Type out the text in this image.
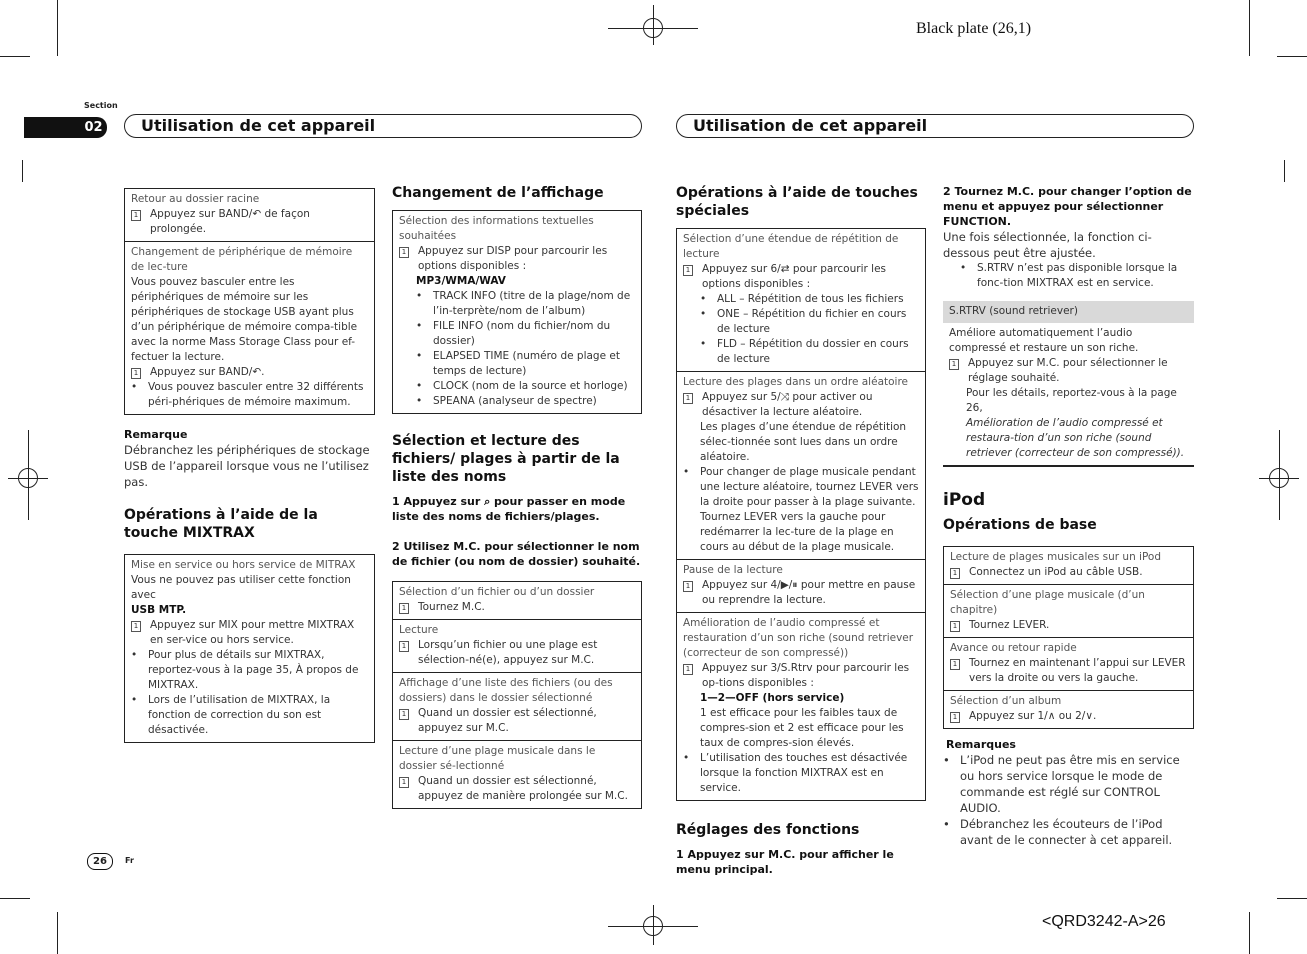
Black plate (26,1)
<QRD3242-A>26
Section
02	Utilisation de cet appareil	Utilisation de cet appareil
Retour au dossier racine
1 Appuyez sur BAND/↶ de façon prolongée.
Changement de périphérique de mémoire de lec-ture
Vous pouvez basculer entre les périphériques de mémoire sur les périphériques de stockage USB ayant plus d’un périphérique de mémoire compa-tible avec la norme Mass Storage Class pour ef-fectuer la lecture.
1 Appuyez sur BAND/↶.
•	Vous pouvez basculer entre 32 différents péri-phériques de mémoire maximum.
Remarque
Débranchez les périphériques de stockage USB de l’appareil lorsque vous ne l’utilisez pas.
Opérations à l’aide de la touche MIXTRAX
Mise en service ou hors service de MITRAX
Vous ne pouvez pas utiliser cette fonction avec
USB MTP.
1 Appuyez sur MIX pour mettre MIXTRAX en ser-vice ou hors service.
•	Pour plus de détails sur MIXTRAX, reportez-vous à la page 35, À propos de MIXTRAX.
•	Lors de l’utilisation de MIXTRAX, la fonction de correction du son est désactivée.
Changement de l’affichage
Sélection des informations textuelles souhaitées
1 Appuyez sur DISP pour parcourir les options disponibles :
MP3/WMA/WAV
•	TRACK INFO (titre de la plage/nom de l’in-terprète/nom de l’album)
•	FILE INFO (nom du fichier/nom du dossier)
•	ELAPSED TIME (numéro de plage et temps de lecture)
•	CLOCK (nom de la source et horloge)
•	SPEANA (analyseur de spectre)
Sélection et lecture des fichiers/ plages à partir de la liste des noms
1 Appuyez sur ⌕ pour passer en mode liste des noms de fichiers/plages.
2 Utilisez M.C. pour sélectionner le nom de fichier (ou nom de dossier) souhaité.
Sélection d’un fichier ou d’un dossier
1 Tournez M.C.
Lecture
1 Lorsqu’un fichier ou une plage est sélection-né(e), appuyez sur M.C.
Affichage d’une liste des fichiers (ou des dossiers) dans le dossier sélectionné
1 Quand un dossier est sélectionné, appuyez sur M.C.
Lecture d’une plage musicale dans le dossier sé-lectionné
1 Quand un dossier est sélectionné, appuyez de manière prolongée sur M.C.
Opérations à l’aide de touches spéciales
Sélection d’une étendue de répétition de lecture
1 Appuyez sur 6/⇄ pour parcourir les options disponibles :
•	ALL – Répétition de tous les fichiers
•	ONE – Répétition du fichier en cours de lecture
•	FLD – Répétition du dossier en cours de lecture
Lecture des plages dans un ordre aléatoire
1 Appuyez sur 5/⤨ pour activer ou désactiver la lecture aléatoire.
Les plages d’une étendue de répétition sélec-tionnée sont lues dans un ordre aléatoire.
•	Pour changer de plage musicale pendant une lecture aléatoire, tournez LEVER vers la droite pour passer à la plage suivante. Tournez LEVER vers la gauche pour redémarrer la lec-ture de la plage en cours au début de la plage musicale.
Pause de la lecture
1 Appuyez sur 4/▶/⏸ pour mettre en pause ou reprendre la lecture.
Amélioration de l’audio compressé et restauration d’un son riche (sound retriever (correcteur de son compressé))
1 Appuyez sur 3/S.Rtrv pour parcourir les op-tions disponibles :
1—2—OFF (hors service)
1 est efficace pour les faibles taux de compres-sion et 2 est efficace pour les taux de compres-sion élevés.
•	L’utilisation des touches est désactivée lorsque la fonction MIXTRAX est en service.
Réglages des fonctions
1 Appuyez sur M.C. pour afficher le menu principal.
2 Tournez M.C. pour changer l’option de menu et appuyez pour sélectionner FUNCTION.
Une fois sélectionnée, la fonction ci-dessous peut être ajustée.
•	S.RTRV n’est pas disponible lorsque la fonc-tion MIXTRAX est en service.
S.RTRV (sound retriever)
Améliore automatiquement l’audio compressé et restaure un son riche.
1 Appuyez sur M.C. pour sélectionner le réglage souhaité.
Pour les détails, reportez-vous à la page 26,
Amélioration de l’audio compressé et restaura-tion d’un son riche (sound retriever (correcteur de son compressé)).
iPod
Opérations de base
Lecture de plages musicales sur un iPod
1 Connectez un iPod au câble USB.
Sélection d’une plage musicale (d’un chapitre)
1 Tournez LEVER.
Avance ou retour rapide
1 Tournez en maintenant l’appui sur LEVER vers la droite ou vers la gauche.
Sélection d’un album
1 Appuyez sur 1/∧ ou 2/∨.
Remarques
• L’iPod ne peut pas être mis en service ou hors service lorsque le mode de commande est réglé sur CONTROL AUDIO.
• Débranchez les écouteurs de l’iPod avant de le connecter à cet appareil.
26	Fr
